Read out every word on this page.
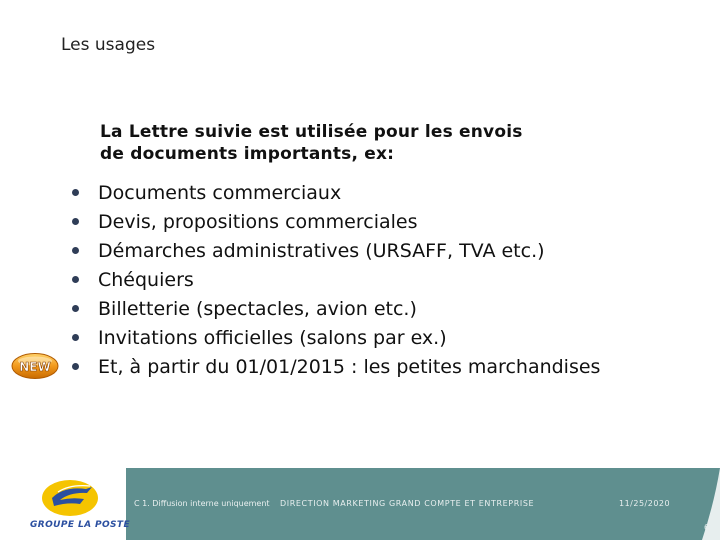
Les usages
La Lettre suivie est utilisée pour les envois
de documents importants, ex:
Documents commerciaux
Devis, propositions commerciales
Démarches administratives (URSAFF, TVA etc.)
Chéquiers
Billetterie (spectacles, avion etc.)
Invitations officielles (salons par ex.)
Et, à partir du 01/01/2015 : les petites marchandises
NEW
GROUPE LA POSTE
C 1. Diffusion interne uniquement DIRECTION MARKETING GRAND COMPTE ET ENTREPRISE	11/25/2020
6
